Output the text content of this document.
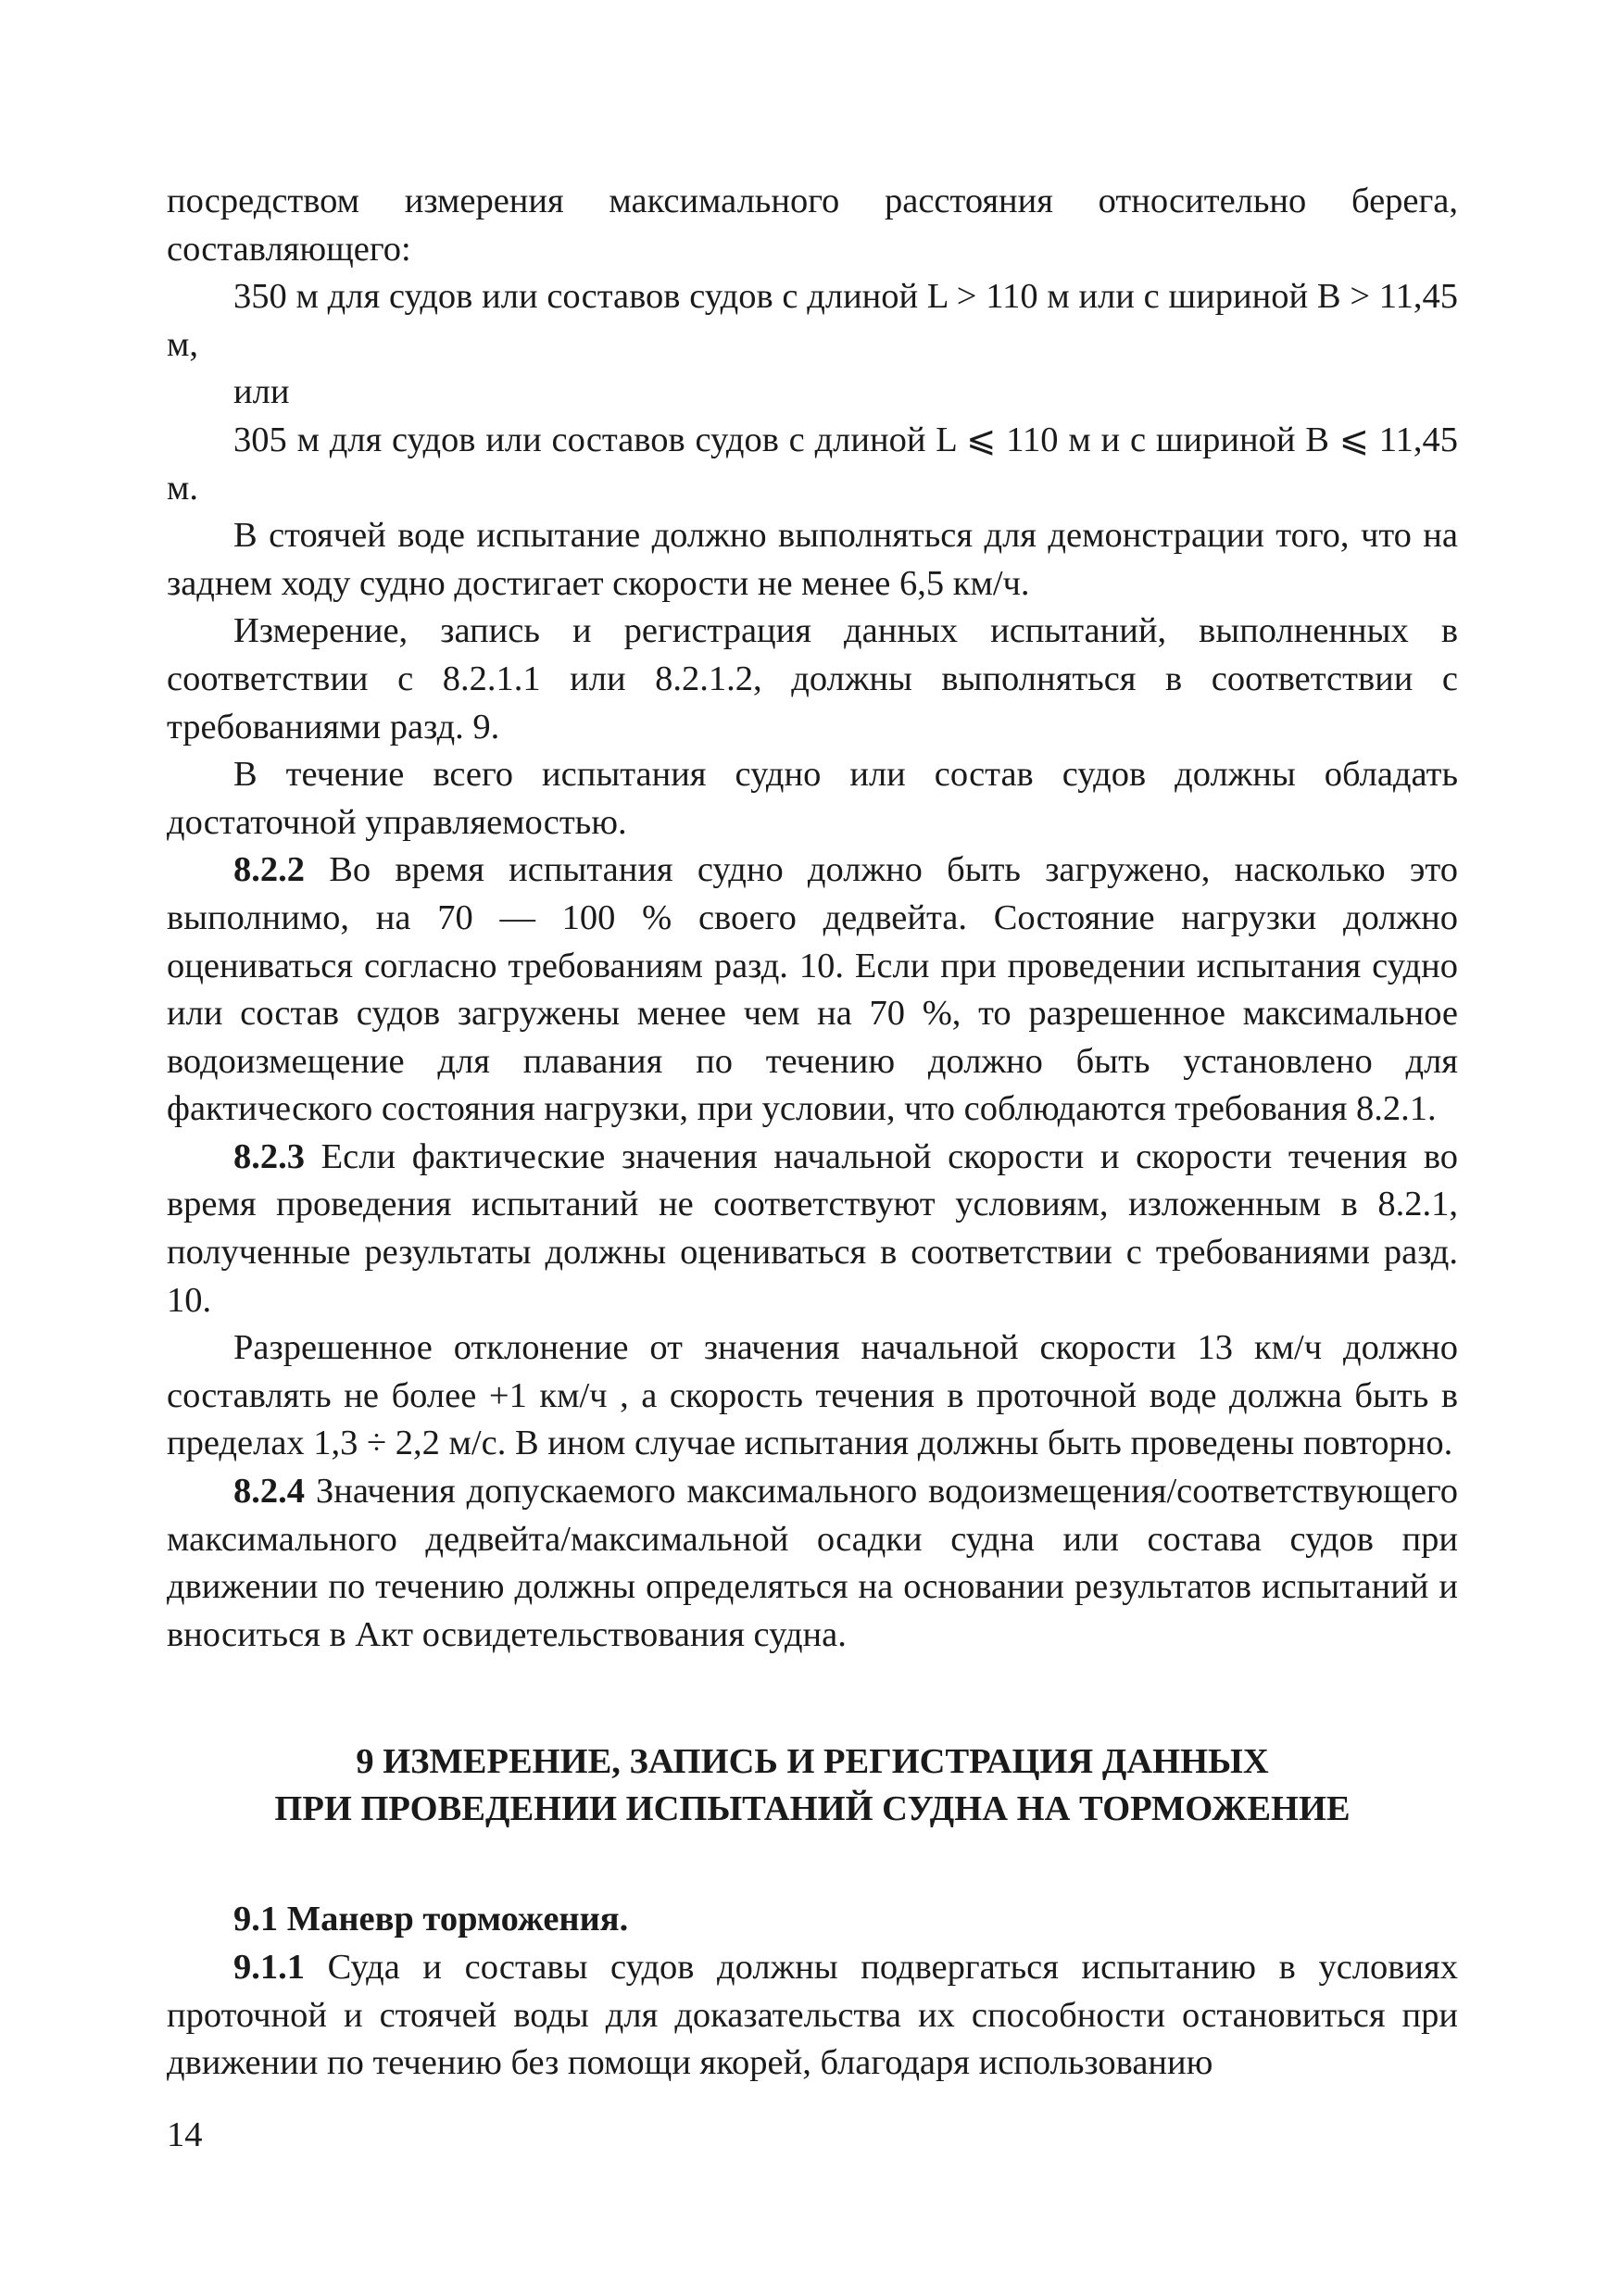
посредством измерения максимального расстояния относительно берега, составляющего:

350 м для судов или составов судов с длиной L > 110 м или с шириной B > 11,45 м,

или

305 м для судов или составов судов с длиной L ⩽ 110 м и с шириной B ⩽ 11,45 м.

В стоячей воде испытание должно выполняться для демонстрации того, что на заднем ходу судно достигает скорости не менее 6,5 км/ч.

Измерение, запись и регистрация данных испытаний, выполненных в соответствии с 8.2.1.1 или 8.2.1.2, должны выполняться в соответствии с требованиями разд. 9.

В течение всего испытания судно или состав судов должны обладать достаточной управляемостью.

8.2.2 Во время испытания судно должно быть загружено, насколько это выполнимо, на 70 — 100 % своего дедвейта. Состояние нагрузки должно оцениваться согласно требованиям разд. 10. Если при проведении испытания судно или состав судов загружены менее чем на 70 %, то разрешенное максимальное водоизмещение для плавания по течению должно быть установлено для фактического состояния нагрузки, при условии, что соблюдаются требования 8.2.1.

8.2.3 Если фактические значения начальной скорости и скорости течения во время проведения испытаний не соответствуют условиям, изложенным в 8.2.1, полученные результаты должны оцениваться в соответствии с требованиями разд. 10.

Разрешенное отклонение от значения начальной скорости 13 км/ч должно составлять не более +1 км/ч , а скорость течения в проточной воде должна быть в пределах 1,3 ÷ 2,2 м/с. В ином случае испытания должны быть проведены повторно.

8.2.4 Значения допускаемого максимального водоизмещения/соответствующего максимального дедвейта/максимальной осадки судна или состава судов при движении по течению должны определяться на основании результатов испытаний и вноситься в Акт освидетельствования судна.

9 ИЗМЕРЕНИЕ, ЗАПИСЬ И РЕГИСТРАЦИЯ ДАННЫХ
ПРИ ПРОВЕДЕНИИ ИСПЫТАНИЙ СУДНА НА ТОРМОЖЕНИЕ

9.1 Маневр торможения.

9.1.1 Суда и составы судов должны подвергаться испытанию в условиях проточной и стоячей воды для доказательства их способности остановиться при движении по течению без помощи якорей, благодаря использованию

14
